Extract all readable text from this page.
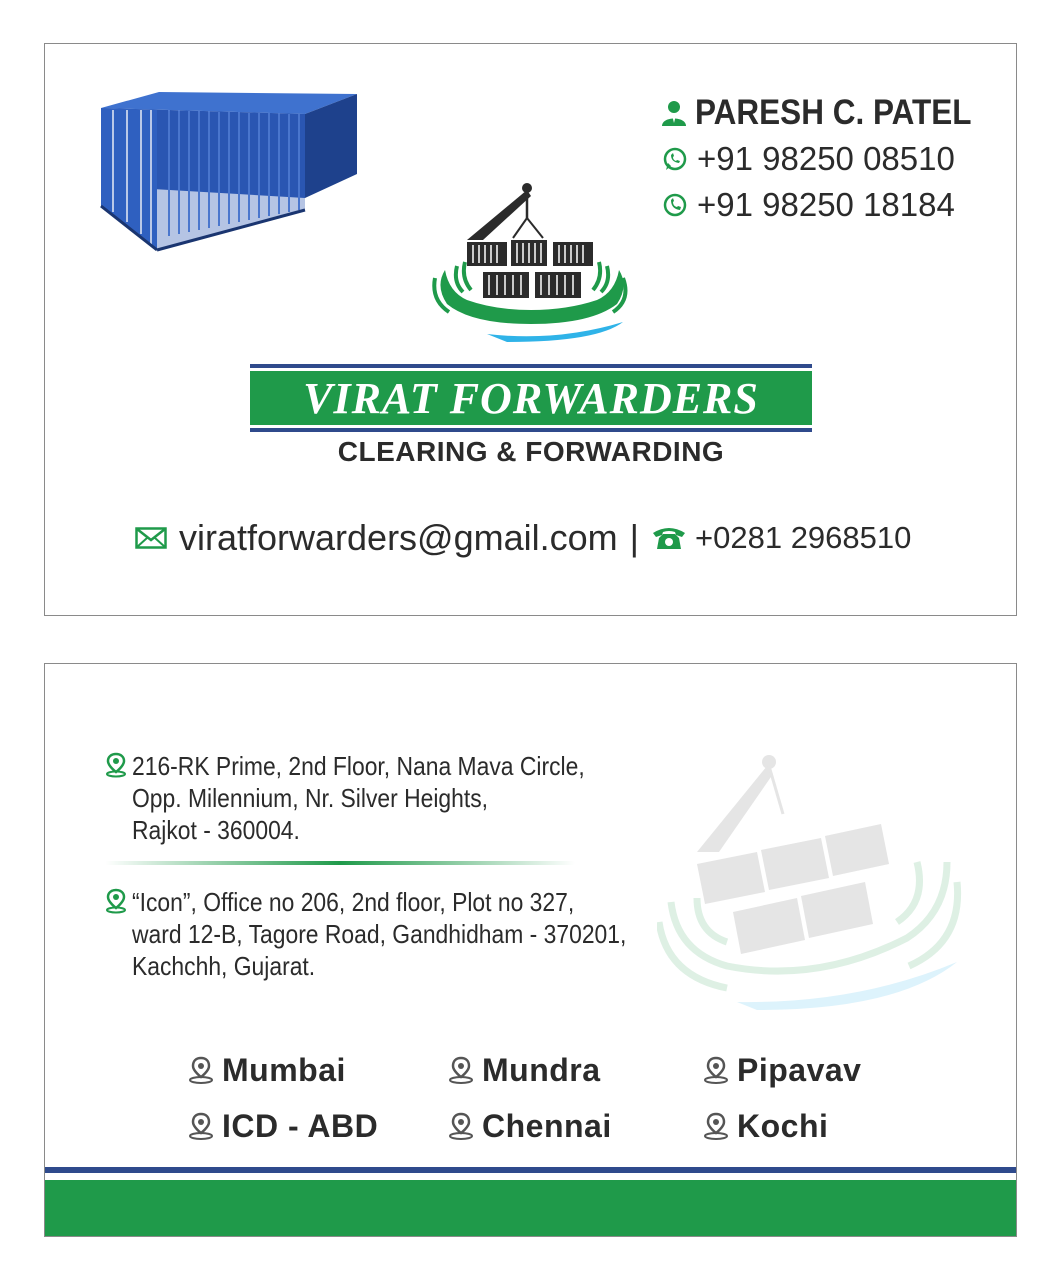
PARESH C. PATEL
+91 98250 08510
+91 98250 18184
VIRAT FORWARDERS
CLEARING & FORWARDING
viratforwarders@gmail.com | +0281 2968510
216-RK Prime, 2nd Floor, Nana Mava Circle,
Opp. Milennium, Nr. Silver Heights,
Rajkot - 360004.
“Icon”, Office no 206, 2nd floor, Plot no 327,
ward 12-B, Tagore Road, Gandhidham - 370201,
Kachchh, Gujarat.
Mumbai	Mundra	Pipavav
ICD - ABD	Chennai	Kochi
